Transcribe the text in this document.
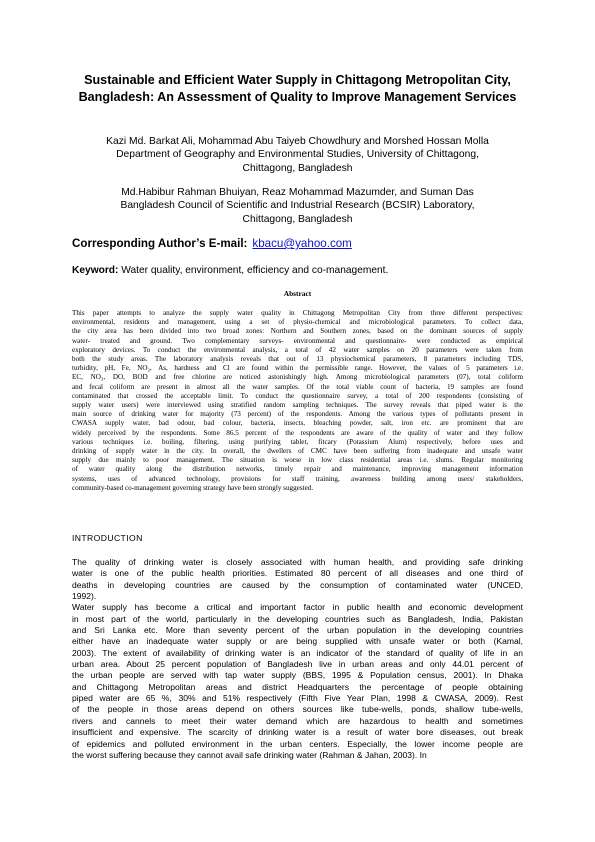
Sustainable and Efficient Water Supply in Chittagong Metropolitan City, Bangladesh: An Assessment of Quality to Improve Management Services
Kazi Md. Barkat Ali, Mohammad Abu Taiyeb Chowdhury and Morshed Hossan Molla
Department of Geography and Environmental Studies, University of Chittagong,
Chittagong, Bangladesh
Md.Habibur Rahman Bhuiyan, Reaz Mohammad Mazumder, and Suman Das
Bangladesh Council of Scientific and Industrial Research (BCSIR) Laboratory,
Chittagong, Bangladesh
Corresponding Author’s E-mail: kbacu@yahoo.com
Keyword: Water quality, environment, efficiency and co-management.
Abstract
This paper attempts to analyze the supply water quality in Chittagong Metropolitan City from three different perspectives:
environmental, residents and management, using a set of physio-chemical and microbiological parameters. To collect data,
the city area has been divided into two broad zones: Northern and Southern zones, based on the dominant sources of supply
water- treated and ground. Two complementary surveys- environmental and questionnaire- were conducted as empirical
exploratory devices. To conduct the environmental analysis, a total of 42 water samples on 20 parameters were taken from
both the study areas. The laboratory analysis reveals that out of 13 physiochemical parameters, 8 parameters including TDS,
turbidity, pH, Fe, NO₂, As, hardness and Cl are found within the permissible range. However, the values of 5 parameters i.e.
EC, NO₃, DO, BOD and free chlorine are noticed astonishingly high. Among microbiological parameters (07), total coliform
and fecal coliform are present in almost all the water samples. Of the total viable count of bacteria, 19 samples are found
contaminated that crossed the acceptable limit. To conduct the questionnaire survey, a total of 200 respondents (consisting of
supply water users) were interviewed using stratified random sampling techniques. The survey reveals that piped water is the
main source of drinking water for majority (73 percent) of the respondents. Among the various types of pollutants present in
CWASA supply water, bad odour, bad colour, bacteria, insects, bleaching powder, salt, iron etc. are prominent that are
widely perceived by the respondents. Some 86.5 percent of the respondents are aware of the quality of water and they follow
various techniques i.e. boiling, filtering, using purifying tablet, fitcary (Potassium Alum) respectively, before uses and
drinking of supply water in the city. In overall, the dwellers of CMC have been suffering from inadequate and unsafe water
supply due mainly to poor management. The situation is worse in low class residential areas i.e. slums. Regular monitoring
of water quality along the distribution networks, timely repair and maintenance, improving management information
systems, uses of advanced technology, provisions for staff training, awareness building among users/ stakeholders,
community-based co-management governing strategy have been strongly suggested.
INTRODUCTION
The quality of drinking water is closely associated with human health, and providing safe drinking
water is one of the public health priorities. Estimated 80 percent of all diseases and one third of
deaths in developing countries are caused by the consumption of contaminated water (UNCED,
1992).
Water supply has become a critical and important factor in public health and economic development
in most part of the world, particularly in the developing countries such as Bangladesh, India, Pakistan
and Sri Lanka etc. More than seventy percent of the urban population in the developing countries
either have an inadequate water supply or are being supplied with unsafe water or both (Kamal,
2003). The extent of availability of drinking water is an indicator of the standard of quality of life in an
urban area. About 25 percent population of Bangladesh live in urban areas and only 44.01 percent of
the urban people are served with tap water supply (BBS, 1995 & Population census, 2001). In Dhaka
and Chittagong Metropolitan areas and district Headquarters the percentage of people obtaining
piped water are 65 %, 30% and 51% respectively (Fifth Five Year Plan, 1998 & CWASA, 2009). Rest
of the people in those areas depend on others sources like tube-wells, ponds, shallow tube-wells,
rivers and cannels to meet their water demand which are hazardous to health and sometimes
insufficient and expensive. The scarcity of drinking water is a result of water bore diseases, out break
of epidemics and polluted environment in the urban centers. Especially, the lower income people are
the worst suffering because they cannot avail safe drinking water (Rahman & Jahan, 2003). In
